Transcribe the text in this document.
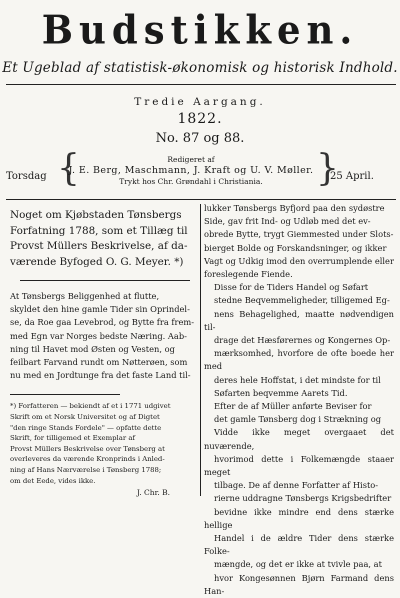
Budstikken.
Et Ugeblad af statistisk-økonomisk og historisk Indhold.
Tredie Aargang.
1822.
No. 87 og 88.
Torsdag {	Redigeret af
J. E. Berg, Maschmann, J. Kraft og U. V. Møller.
Trykt hos Chr. Grøndahl i Christiania.	}
25 April.
Noget om Kjøbstaden Tønsbergs
Forfatning 1788, som et Tillæg til
Provst Müllers Beskrivelse, af da-
værende Byfoged O. G. Meyer. *)
At Tønsbergs Beliggenhed at flutte,
skyldet den hine gamle Tider sin Oprindel-
se, da Roe gaa Levebrod, og Bytte fra frem-
med Egn var Norges bedste Næring. Aab-
ning til Havet mod Østen og Vesten, og
feilbart Farvand rundt om Nøtterøen, som
nu med en Jordtunge fra det faste Land til-
*) Forfatteren — bekiendt af et i 1771 udgivet
Skrift om et Norsk Universitet og af Digtet
"den ringe Stands Fordele" — opfatte dette
Skrift, for tilligemed et Exemplar af
Provst Müllers Beskrivelse over Tønsberg at
overleveres da værende Kronprinds i Anled-
ning af Hans Nærværelse i Tønsberg 1788;
om det Eede, vides ikke.
J. Chr. B.
lukker Tønsbergs Byfjord paa den sydøstre
Side, gav frit Ind- og Udløb med det ev-
obrede Bytte, trygt Giemmested under Slots-
bierget Bolde og Forskandsninger, og ikker
Vagt og Udkig imod den overrumplende eller
foreslegende Fiende.
Disse for de Tiders Handel og Søfart
stedne Beqvemmeligheder, tilligemed Eg-
nens Behagelighed, maatte nødvendigen til-
drage det Hæsførernes og Kongernes Op-
mærksomhed, hvorfore de ofte boede her med
deres hele Hoffstat, i det mindste for til
Søfarten beqvemme Aarets Tid.
Efter de af Müller anførte Beviser for
det gamle Tønsberg dog i Strækning og
Vidde ikke meget overgaaet det nuværende,
hvorimod dette i Folkemængde staaer meget
tilbage. De af denne Forfatter af Histo-
rierne uddragne Tønsbergs Krigsbedrifter
bevidne ikke mindre end dens stærke hellige
Handel i de ældre Tider dens stærke Folke-
mængde, og det er ikke at tvivle paa, at
hvor Kongesønnen Bjørn Farmand dens Han-
